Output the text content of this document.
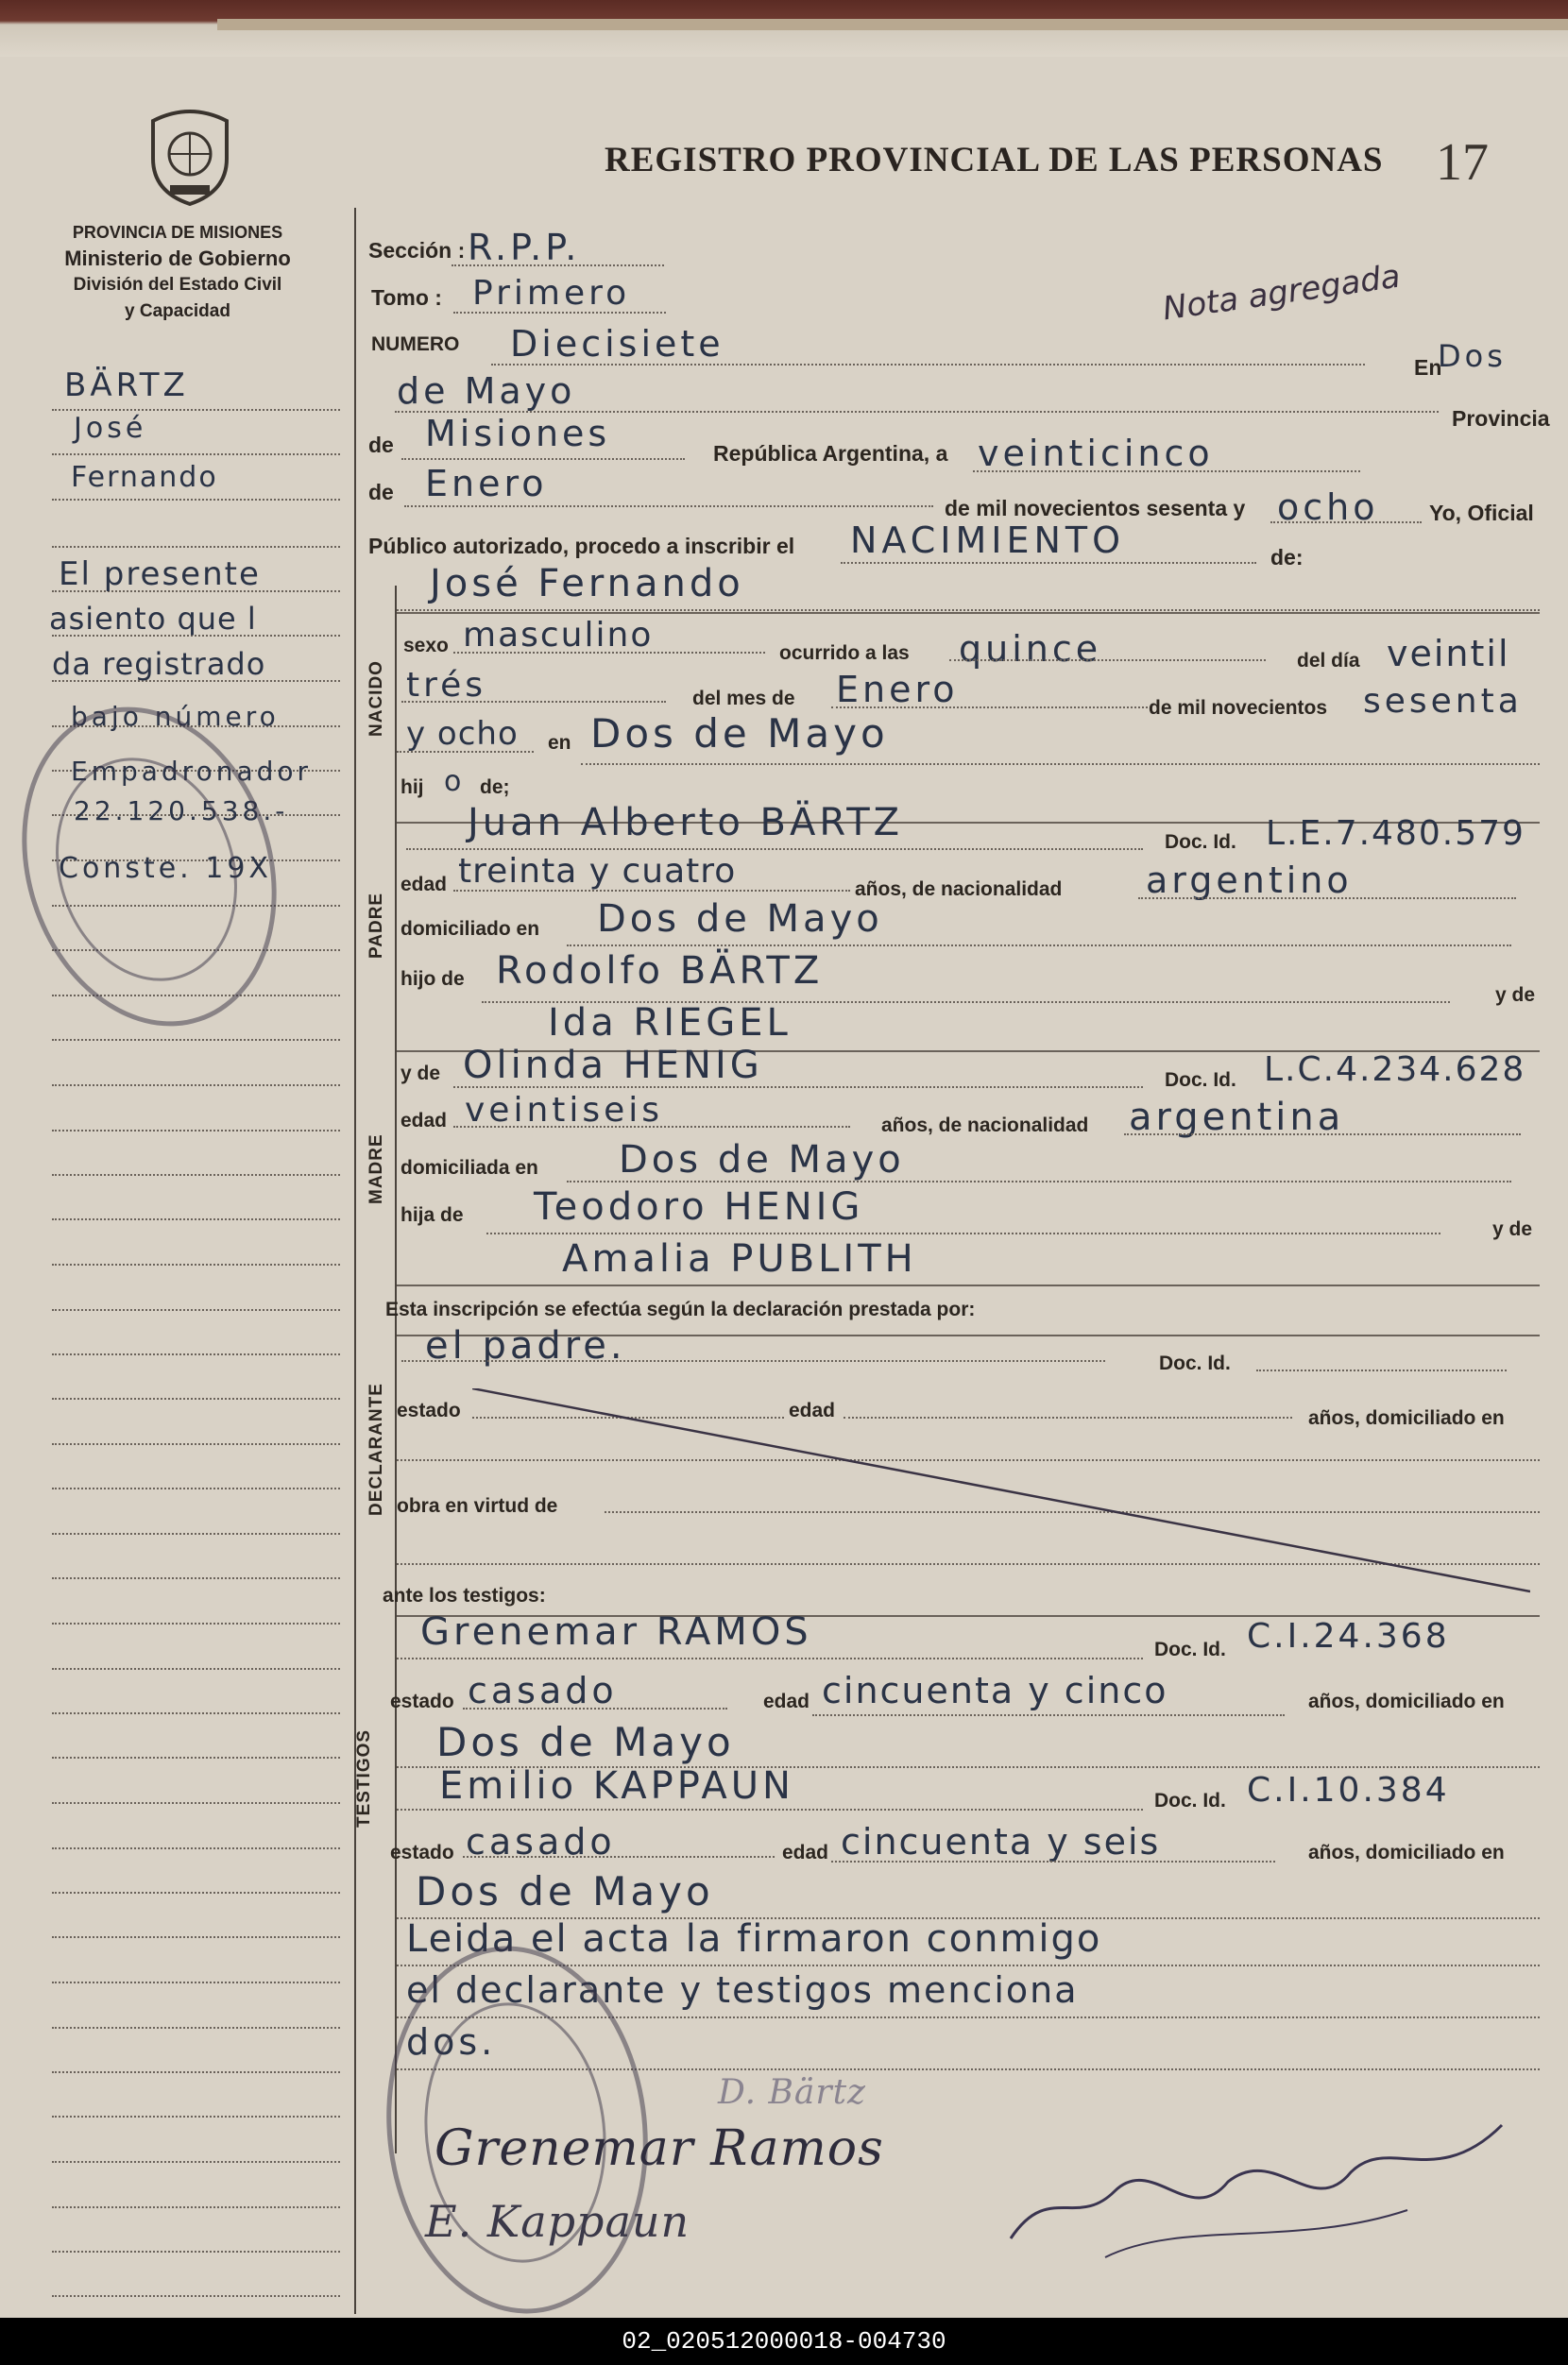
PROVINCIA DE MISIONES
Ministerio de Gobierno
División del Estado Civil
y Capacidad
REGISTRO PROVINCIAL DE LAS PERSONAS 17
Nota agregada
BÄRTZ
José
Fernando
El presente
asiento que l
da registrado
bajo número
Empadronador
22.120.538.-
Conste. 19X
Sección : R.P.P.
Tomo : Primero
NUMERO Diecisiete
En
Dos
de Mayo
Provincia
de Misiones	República Argentina, a veinticinco
de Enero
de mil novecientos sesenta y ocho Yo, Oficial
Público autorizado, procedo a inscribir el NACIMIENTO	de:
José Fernando
NACIDO
sexo masculino	ocurrido a las quince	del día veintil
trés	del mes de Enero	de mil novecientos sesenta
y ocho en Dos de Mayo
hij o de;
PADRE
Juan Alberto BÄRTZ	Doc. Id. L.E.7.480.579
edad treinta y cuatro	años, de nacionalidad argentino
domiciliado en Dos de Mayo
hijo de Rodolfo BÄRTZ
y de
Ida RIEGEL
MADRE
y de Olinda HENIG	Doc. Id. L.C.4.234.628
edad veintiseis	años, de nacionalidad argentina
domiciliada en Dos de Mayo
hija de Teodoro HENIG
y de
Amalia PUBLITH
Esta inscripción se efectúa según la declaración prestada por:
DECLARANTE
el padre.	Doc. Id.
estado	edad	años, domiciliado en
obra en virtud de
ante los testigos:
TESTIGOS
Grenemar RAMOS	Doc. Id. C.I.24.368
estado casado	edad cincuenta y cinco	años, domiciliado en
Dos de Mayo
Emilio KAPPAUN	Doc. Id. C.I.10.384
estado casado	edad cincuenta y seis	años, domiciliado en
Dos de Mayo
Leida el acta la firmaron conmigo
el declarante y testigos menciona
dos.
D. Bärtz
Grenemar Ramos
E. Kappaun
02_020512000018-004730
